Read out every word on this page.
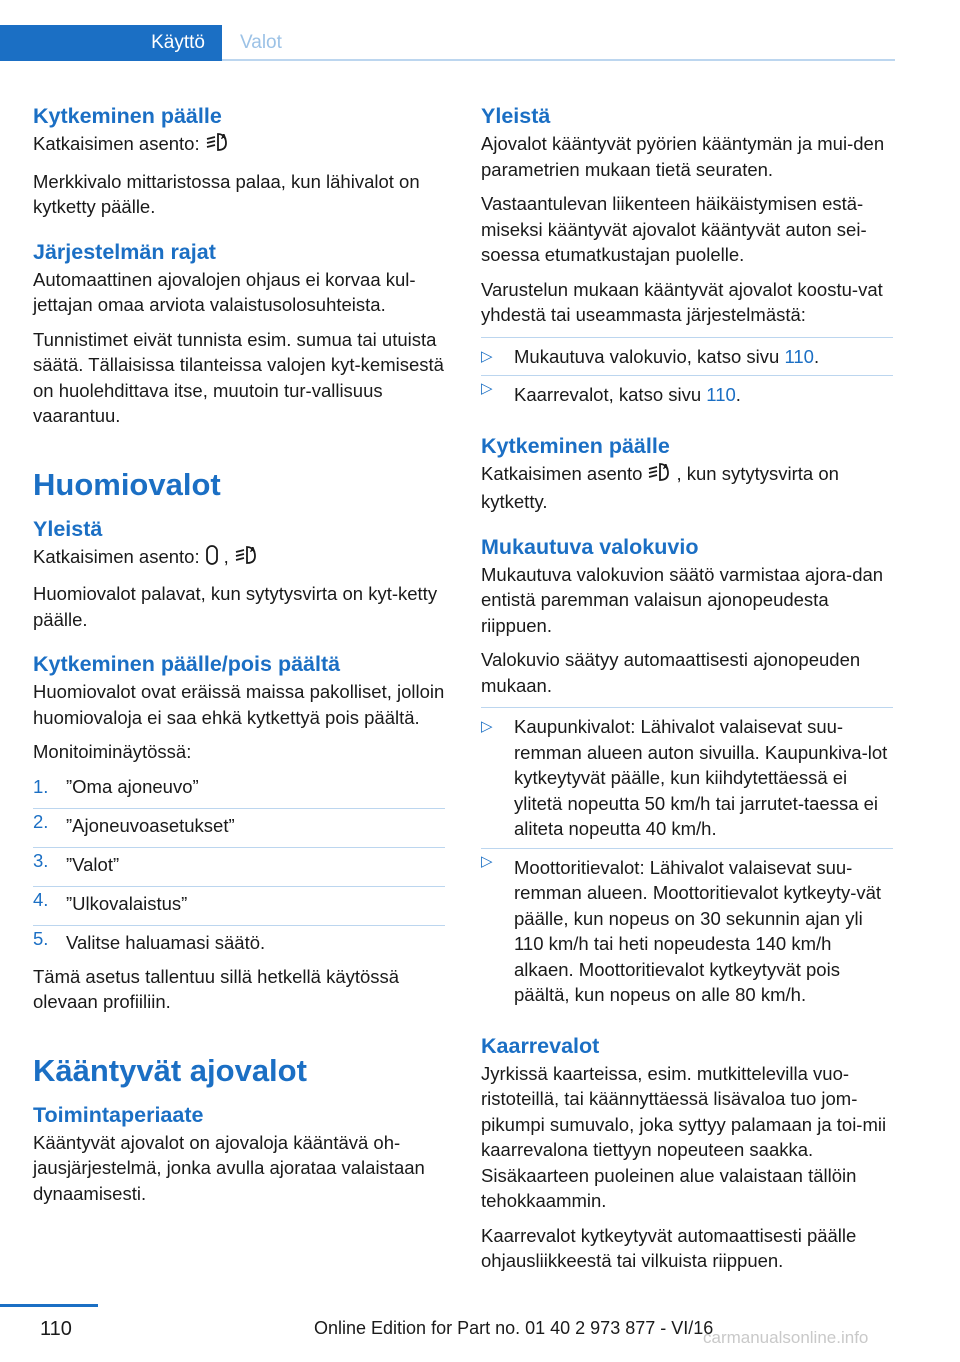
Käyttö Valot
Kytkeminen päälle

Katkaisimen asento:	A

Merkkivalo mittaristossa palaa, kun lähivalot on kytketty päälle.

Järjestelmän rajat

Automaattinen ajovalojen ohjaus ei korvaa kul‐jettajan omaa arviota valaistusolosuhteista.

Tunnistimet eivät tunnista esim. sumua tai utuista säätä. Tällaisissa tilanteissa valojen kyt‐kemisestä on huolehdittava itse, muutoin tur‐vallisuus vaarantuu.

Huomiovalot
Yleistä

Katkaisimen asento: ,	A

Huomiovalot palavat, kun sytytysvirta on kyt‐ketty päälle.

Kytkeminen päälle/pois päältä

Huomiovalot ovat eräissä maissa pakolliset, jolloin huomiovaloja ei saa ehkä kytkettyä pois päältä.

Monitoiminäytössä:

1. ”Oma ajoneuvo”
2. ”Ajoneuvoasetukset”
3. ”Valot”
4. ”Ulkovalaistus”
5. Valitse haluamasi säätö.

Tämä asetus tallentuu sillä hetkellä käytössä olevaan profiiliin.

Kääntyvät ajovalot
Toimintaperiaate

Kääntyvät ajovalot on ajovaloja kääntävä oh‐jausjärjestelmä, jonka avulla ajorataa valaistaan dynaamisesti.

Yleistä

Ajovalot kääntyvät pyörien kääntymän ja mui‐den parametrien mukaan tietä seuraten.

Vastaantulevan liikenteen häikäistymisen estä‐miseksi kääntyvät ajovalot kääntyvät auton sei‐soessa etumatkustajan puolelle.

Varustelun mukaan kääntyvät ajovalot koostu‐vat yhdestä tai useammasta järjestelmästä:

▷ Mukautuva valokuvio, katso sivu 110.
▷ Kaarrevalot, katso sivu 110.
Kytkeminen päälle

Katkaisimen asento	A , kun sytytysvirta on kytketty.

Mukautuva valokuvio

Mukautuva valokuvion säätö varmistaa ajora‐dan entistä paremman valaisun ajonopeudesta riippuen.

Valokuvio säätyy automaattisesti ajonopeuden mukaan.

▷ Kaupunkivalot: Lähivalot valaisevat suu‐remman alueen auton sivuilla. Kaupunkiva‐lot kytkeytyvät päälle, kun kiihdytettäessä ei ylitetä nopeutta 50 km/h tai jarrutet‐taessa ei aliteta nopeutta 40 km/h.
▷ Moottoritievalot: Lähivalot valaisevat suu‐remman alueen. Moottoritievalot kytkeyty‐vät päälle, kun nopeus on 30 sekunnin ajan yli 110 km/h tai heti nopeudesta 140 km/h alkaen. Moottoritievalot kytkeytyvät pois päältä, kun nopeus on alle 80 km/h.
Kaarrevalot

Jyrkissä kaarteissa, esim. mutkittelevilla vuo‐ristoteillä, tai käännyttäessä lisävaloa tuo jom‐pikumpi sumuvalo, joka syttyy palamaan ja toi‐mii kaarrevalona tiettyyn nopeuteen saakka. Sisäkaarteen puoleinen alue valaistaan tällöin tehokkaammin.

Kaarrevalot kytkeytyvät automaattisesti päälle ohjausliikkeestä tai vilkuista riippuen.

110	Online Edition for Part no. 01 40 2 973 877 - VI/16
carmanualsonline.info
